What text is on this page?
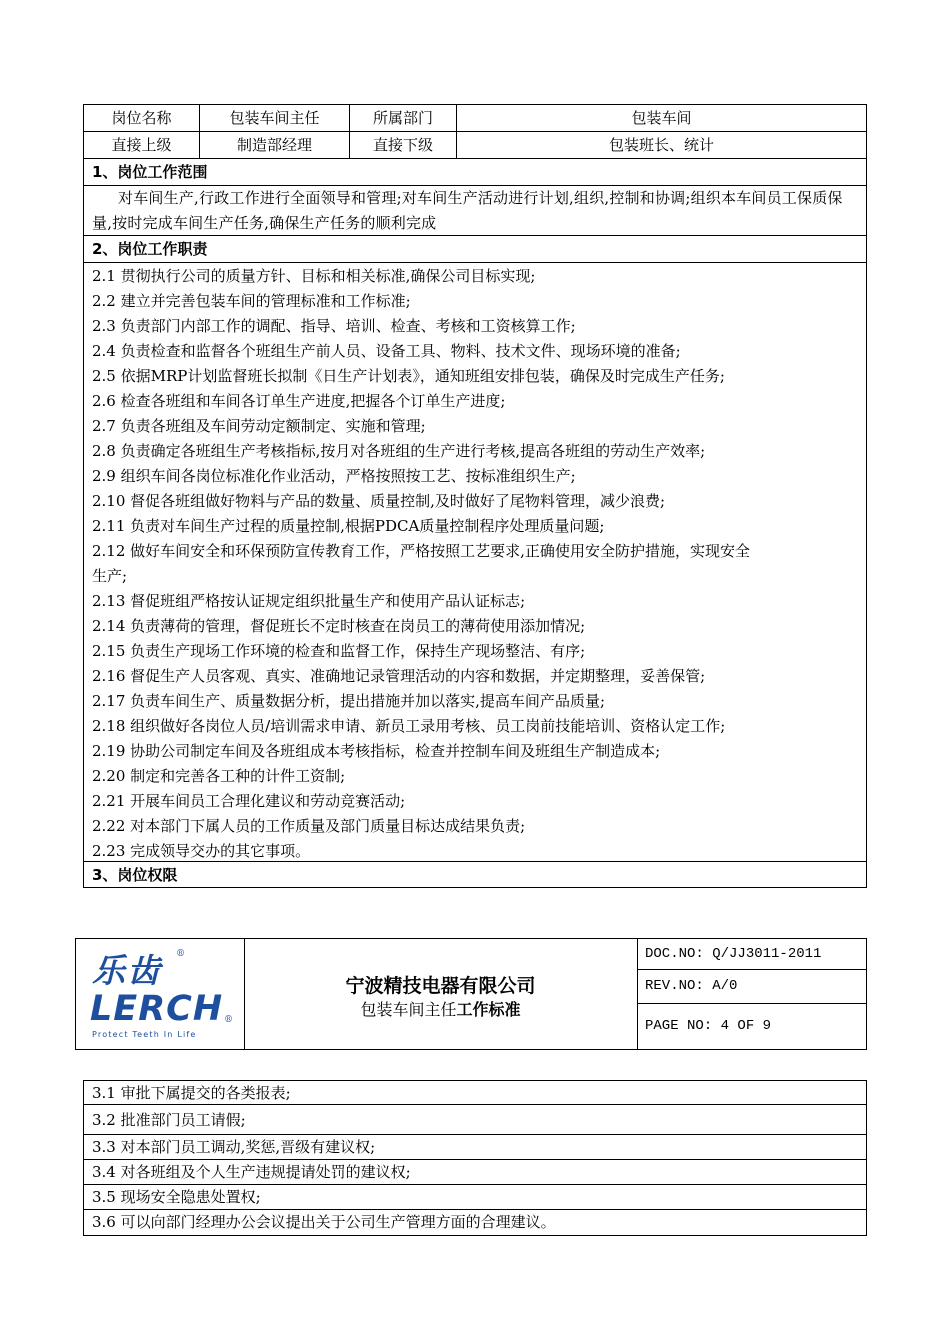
岗位名称	包装车间主任	所属部门	包装车间
直接上级	制造部经理	直接下级	包装班长、统计
1、岗位工作范围
对车间生产,行政工作进行全面领导和管理;对车间生产活动进行计划,组织,控制和协调;组织本车间员工保质保量,按时完成车间生产任务,确保生产任务的顺利完成
2、岗位工作职责
2.1 贯彻执行公司的质量方针、目标和相关标准,确保公司目标实现;
2.2 建立并完善包装车间的管理标准和工作标准;
2.3 负责部门内部工作的调配、指导、培训、检查、考核和工资核算工作;
2.4 负责检查和监督各个班组生产前人员、设备工具、物料、技术文件、现场环境的准备;
2.5 依据MRP计划监督班长拟制《日生产计划表》，通知班组安排包装，确保及时完成生产任务;
2.6 检查各班组和车间各订单生产进度,把握各个订单生产进度;
2.7 负责各班组及车间劳动定额制定、实施和管理;
2.8 负责确定各班组生产考核指标,按月对各班组的生产进行考核,提高各班组的劳动生产效率;
2.9 组织车间各岗位标准化作业活动，严格按照按工艺、按标准组织生产;
2.10 督促各班组做好物料与产品的数量、质量控制,及时做好了尾物料管理，减少浪费;
2.11 负责对车间生产过程的质量控制,根据PDCA质量控制程序处理质量问题;
2.12 做好车间安全和环保预防宣传教育工作，严格按照工艺要求,正确使用安全防护措施，实现安全
生产;
2.13 督促班组严格按认证规定组织批量生产和使用产品认证标志;
2.14 负责薄荷的管理，督促班长不定时核查在岗员工的薄荷使用添加情况;
2.15 负责生产现场工作环境的检查和监督工作，保持生产现场整洁、有序;
2.16 督促生产人员客观、真实、准确地记录管理活动的内容和数据，并定期整理，妥善保管;
2.17 负责车间生产、质量数据分析，提出措施并加以落实,提高车间产品质量;
2.18 组织做好各岗位人员/培训需求申请、新员工录用考核、员工岗前技能培训、资格认定工作;
2.19 协助公司制定车间及各班组成本考核指标，检查并控制车间及班组生产制造成本;
2.20 制定和完善各工种的计件工资制;
2.21 开展车间员工合理化建议和劳动竞赛活动;
2.22 对本部门下属人员的工作质量及部门质量目标达成结果负责;
2.23 完成领导交办的其它事项。
3、岗位权限
乐齿 ®
LERCH ®
Protect Teeth In Life
宁波精技电器有限公司
包装车间主任工作标准
DOC.NO: Q/JJ3011-2011
REV.NO: A/0
PAGE NO: 4 OF 9
3.1 审批下属提交的各类报表;
3.2 批准部门员工请假;
3.3 对本部门员工调动,奖惩,晋级有建议权;
3.4 对各班组及个人生产违规提请处罚的建议权;
3.5 现场安全隐患处置权;
3.6 可以向部门经理办公会议提出关于公司生产管理方面的合理建议。
